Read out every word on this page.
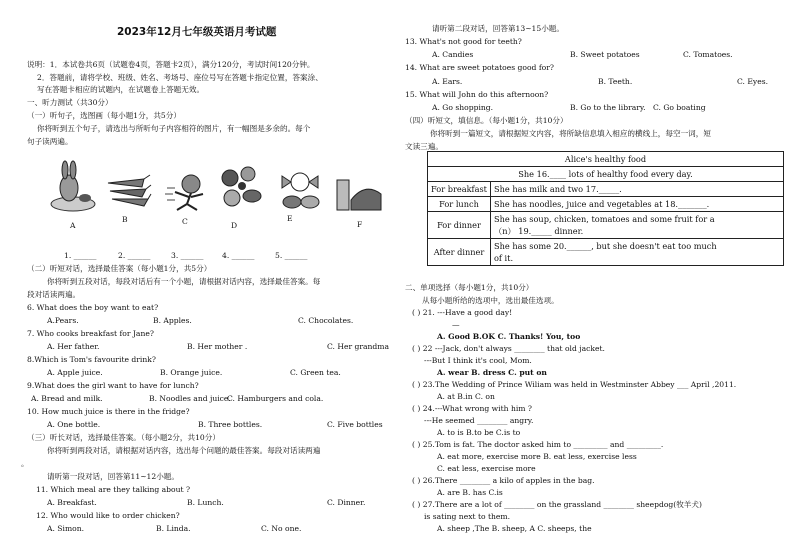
2023年12月七年级英语月考试题
说明：1．本试卷共6页（试题卷4页，答题卡2页），满分120分，考试时间120分钟。
2．答题前，请将学校、班级、姓名、考场号、座位号写在答题卡指定位置，答案涂、
写在答题卡相应的试题内，在试题卷上答题无效。
一、听力测试（共30分）
（一）听句子，选图画（每小题1分，共5分）
你将听到五个句子，请选出与所听句子内容相符的图片，有一幅图是多余的。每个
句子读两遍。
A
B	C	D
E
F
1. ______	2. ______	3. ______ 4. ______	5. ______
（二）听短对话，选择最佳答案（每小题1分，共5分）
你将听到五段对话，每段对话后有一个小题，请根据对话内容，选择最佳答案。每
段对话读两遍。
6. What does the boy want to eat?
A.Pears.	B. Apples.	C. Chocolates.
7. Who cooks breakfast for Jane?
A. Her father.	B. Her mother .	C. Her grandma
8.Which is Tom's favourite drink?
A. Apple juice.	B. Orange juice.	C. Green tea.
9.What does the girl want to have for lunch?
A. Bread and milk.	B. Noodles and juice.
C. Hamburgers and cola.
10. How much juice is there in the fridge?
A. One bottle.	B. Three bottles.	C. Five bottles
（三）听长对话，选择最佳答案。（每小题2分，共10分）
你将听到两段对话，请根据对话内容，选出每个问题的最佳答案。每段对话读两遍
。
请听第一段对话，回答第11~12小题。
11. Which meal are they talking about ?
A. Breakfast.	B. Lunch.	C. Dinner.
12. Who would like to order chicken?
A. Simon.	B. Linda.	C. No one.
请听第二段对话，回答第13~15小题。
13. What's not good for teeth?
A. Candies	B. Sweet potatoes	C. Tomatoes.
14. What are sweet potatoes good for?
A. Ears.	B. Teeth.	C. Eyes.
15. What will John do this afternoon?
A. Go shopping.	B. Go to the library. C. Go boating
（四）听短文，填信息。（每小题1分，共10分）
你将听到一篇短文，请根据短文内容，将所缺信息填入相应的横线上，每空一词，短
文读三遍。
Alice's healthy food	
She 16.____ lots of healthy food every day.	
For breakfast	She has milk and two 17._____.
For lunch	She has noodles, juice and vegetables at 18._______.
For dinner	She has soup, chicken, tomatoes and some fruit for a
（n） 19._____ dinner.

After dinner	She has some 20.______, but she doesn't eat too much
of it.
二、单项选择（每小题1分，共10分）
从每小题所给的选项中，选出最佳选项。
( ) 21. ---Have a good day!
—
A. Good B.OK C. Thanks! You, too
( ) 22 ---Jack, don't always ________ that old jacket.
---But I think it's cool, Mom.
A. wear B. dress C. put on
( ) 23.The Wedding of Prince Wiliam was held in Westminster Abbey ___ April ,2011.
A. at B.in C. on
( ) 24.---What wrong with him ?
---He seemed ________ angry.
A. to is B.to be C.is to
( ) 25.Tom is fat. The doctor asked him to _________ and _________.
A. eat more, exercise more B. eat less, exercise less
C. eat less, exercise more
( ) 26.There ________ a kilo of apples in the bag.
A. are B. has C.is
( ) 27.There are a lot of ________ on the grassland ________ sheepdog(牧羊犬)
is sating next to them.
A. sheep ,The B. sheep, A C. sheeps, the
